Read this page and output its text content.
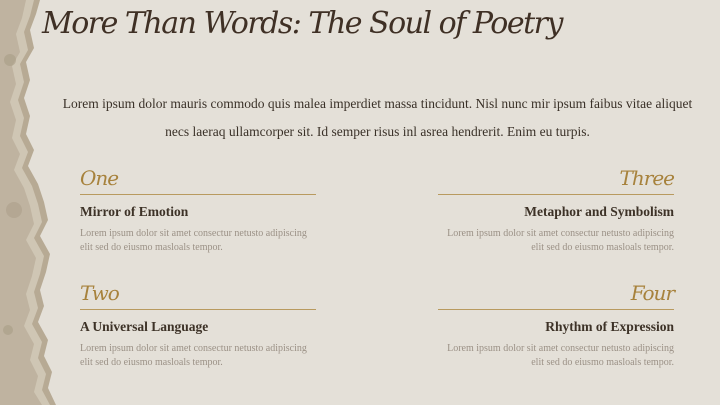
More Than Words: The Soul of Poetry

Lorem ipsum dolor mauris commodo quis malea imperdiet massa tincidunt. Nisl nunc mir ipsum faibus vitae aliquet necs laeraq ullamcorper sit. Id semper risus inl asrea hendrerit. Enim eu turpis.

One
Mirror of Emotion
Lorem ipsum dolor sit amet consectur netusto adipiscing elit sed do eiusmo masloals tempor.
Three
Metaphor and Symbolism
Lorem ipsum dolor sit amet consectur netusto adipiscing elit sed do eiusmo masloals tempor.
Two
A Universal Language
Lorem ipsum dolor sit amet consectur netusto adipiscing elit sed do eiusmo masloals tempor.
Four
Rhythm of Expression
Lorem ipsum dolor sit amet consectur netusto adipiscing elit sed do eiusmo masloals tempor.
